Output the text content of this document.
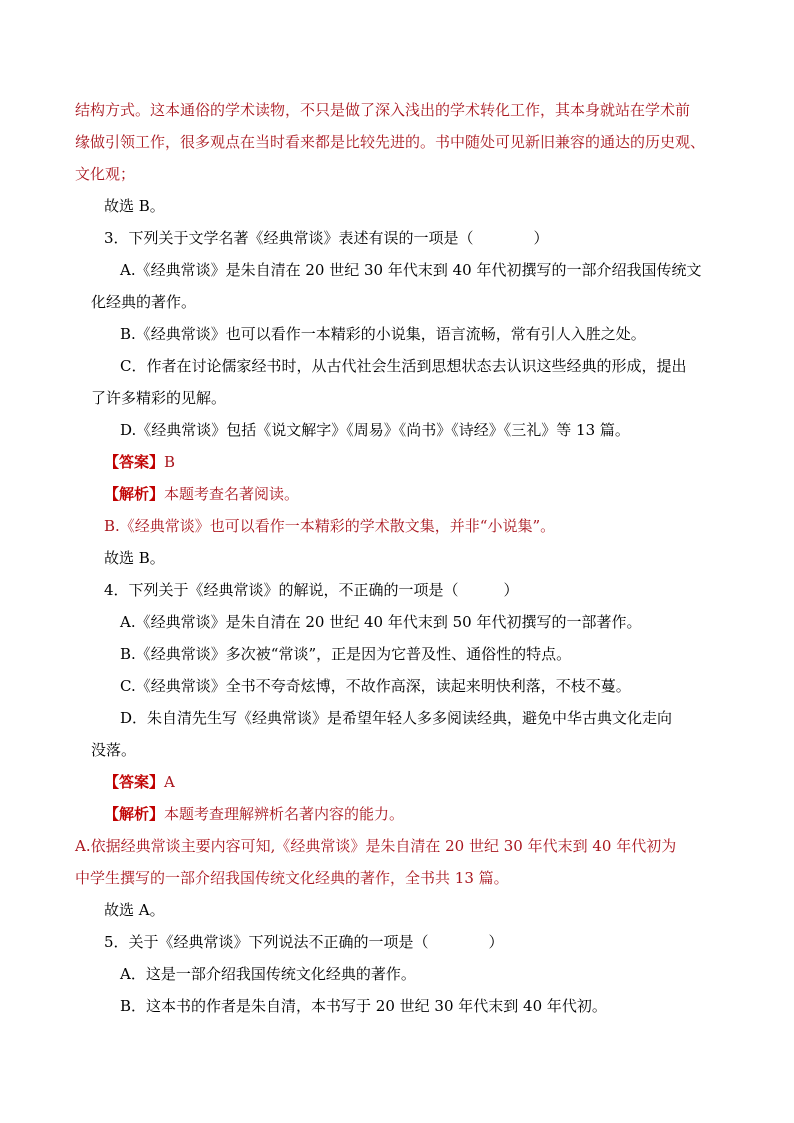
结构方式。这本通俗的学术读物，不只是做了深入浅出的学术转化工作，其本身就站在学术前
缘做引领工作，很多观点在当时看来都是比较先进的。书中随处可见新旧兼容的通达的历史观、
文化观；
故选 B。
3．下列关于文学名著《经典常谈》表述有误的一项是（　　　　）
A.《经典常谈》是朱自清在 20 世纪 30 年代末到 40 年代初撰写的一部介绍我国传统文
化经典的著作。
B.《经典常谈》也可以看作一本精彩的小说集，语言流畅，常有引人入胜之处。
C．作者在讨论儒家经书时，从古代社会生活到思想状态去认识这些经典的形成，提出
了许多精彩的见解。
D.《经典常谈》包括《说文解字》《周易》《尚书》《诗经》《三礼》等 13 篇。
【答案】B
【解析】本题考查名著阅读。
B.《经典常谈》也可以看作一本精彩的学术散文集，并非“小说集”。
故选 B。
4．下列关于《经典常谈》的解说，不正确的一项是（　　　）
A.《经典常谈》是朱自清在 20 世纪 40 年代末到 50 年代初撰写的一部著作。
B.《经典常谈》多次被“常谈”，正是因为它普及性、通俗性的特点。
C.《经典常谈》全书不夸奇炫博，不故作高深，读起来明快利落，不枝不蔓。
D．朱自清先生写《经典常谈》是希望年轻人多多阅读经典，避免中华古典文化走向
没落。
【答案】A
【解析】本题考查理解辨析名著内容的能力。
A.依据经典常谈主要内容可知,《经典常谈》是朱自清在 20 世纪 30 年代末到 40 年代初为
中学生撰写的一部介绍我国传统文化经典的著作，全书共 13 篇。
故选 A。
5．关于《经典常谈》下列说法不正确的一项是（　　　　）
A．这是一部介绍我国传统文化经典的著作。
B．这本书的作者是朱自清，本书写于 20 世纪 30 年代末到 40 年代初。
